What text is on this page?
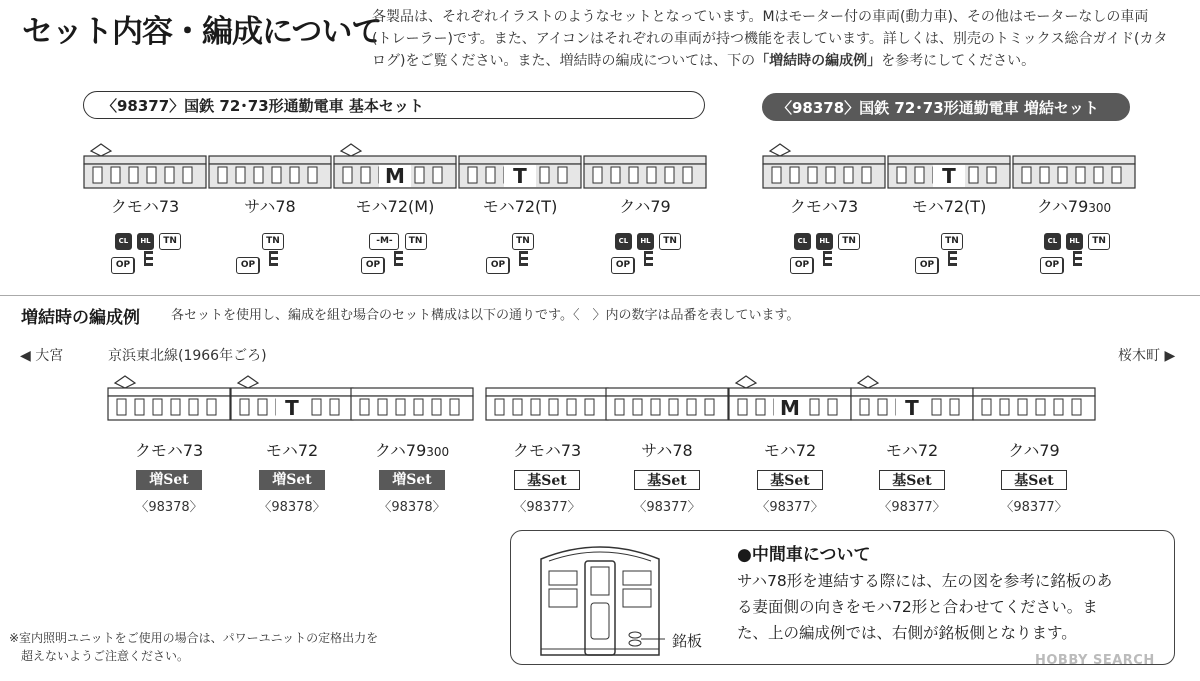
セット内容・編成について
各製品は、それぞれイラストのようなセットとなっています。Mはモーター付の車両(動力車)、その他はモーターなしの車両
(トレーラー)です。また、アイコンはそれぞれの車両が持つ機能を表しています。詳しくは、別売のトミックス総合ガイド(カタ
ログ)をご覧ください。また、増結時の編成については、下の「増結時の編成例」を参考にしてください。
〈98377〉国鉄 72･73形通勤電車 基本セット	〈98378〉国鉄 72･73形通勤電車 増結セット
増結時の編成例 各セットを使用し、編成を組む場合のセット構成は以下の通りです。〈　〉内の数字は品番を表しています。
◀ 大宮	京浜東北線(1966年ごろ)	桜木町 ▶
銘板
●中間車について
サハ78形を連結する際には、左の図を参考に銘板のあ
る妻面側の向きをモハ72形と合わせてください。ま
た、上の編成例では、右側が銘板側となります。
※室内照明ユニットをご使用の場合は、パワーユニットの定格出力を
超えないようご注意ください。	HOBBY SEARCH
クモハ73
CL HL TN
OP
サハ78
TN
OP
M
モハ72(M)
-M- TN
OP
T
モハ72(T)
TN
OP
クハ79
CL HL TN
OP
クモハ73
CL HL TN
OP
T
モハ72(T)
TN
OP
クハ79300
CL HL TN
OP
クモハ73
増Set
〈98378〉
T
モハ72
増Set
〈98378〉
クハ79300
増Set
〈98378〉
クモハ73
基Set
〈98377〉
サハ78
基Set
〈98377〉
M
モハ72
基Set
〈98377〉
T
モハ72
基Set
〈98377〉
クハ79
基Set
〈98377〉
